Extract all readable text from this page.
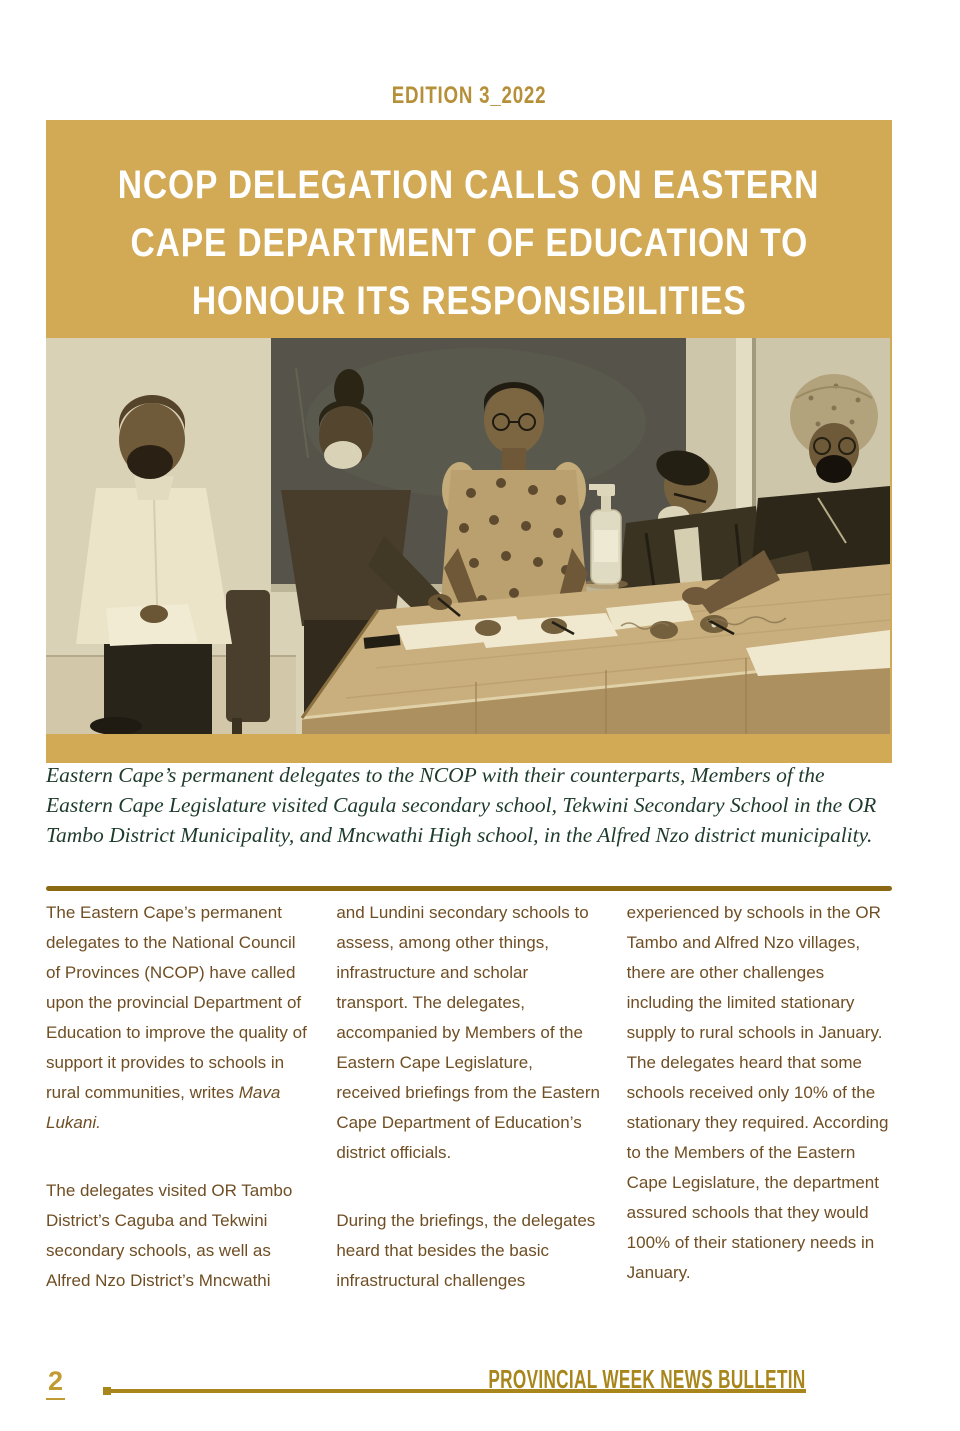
EDITION 3_2022
NCOP DELEGATION CALLS ON EASTERN
CAPE DEPARTMENT OF EDUCATION TO
HONOUR ITS RESPONSIBILITIES
Eastern Cape’s permanent delegates to the NCOP with their counterparts, Members of the Eastern Cape Legislature visited Cagula secondary school, Tekwini Secondary School in the OR Tambo District Municipality, and Mncwathi High school, in the Alfred Nzo district municipality.

The Eastern Cape’s permanent delegates to the National Council of Provinces (NCOP) have called upon the provincial Department of Education to improve the quality of support it provides to schools in rural communities, writes Mava Lukani.

The delegates visited OR Tambo District’s Caguba and Tekwini secondary schools, as well as Alfred Nzo District’s Mncwathi

and Lundini secondary schools to assess, among other things, infrastructure and scholar transport. The delegates, accompanied by Members of the Eastern Cape Legislature, received briefings from the Eastern Cape Department of Education’s district officials.

During the briefings, the delegates heard that besides the basic infrastructural challenges

experienced by schools in the OR Tambo and Alfred Nzo villages, there are other challenges including the limited stationary supply to rural schools in January. The delegates heard that some schools received only 10% of the stationary they required. According to the Members of the Eastern Cape Legislature, the department assured schools that they would 100% of their stationery needs in January.

2	PROVINCIAL WEEK NEWS BULLETIN
